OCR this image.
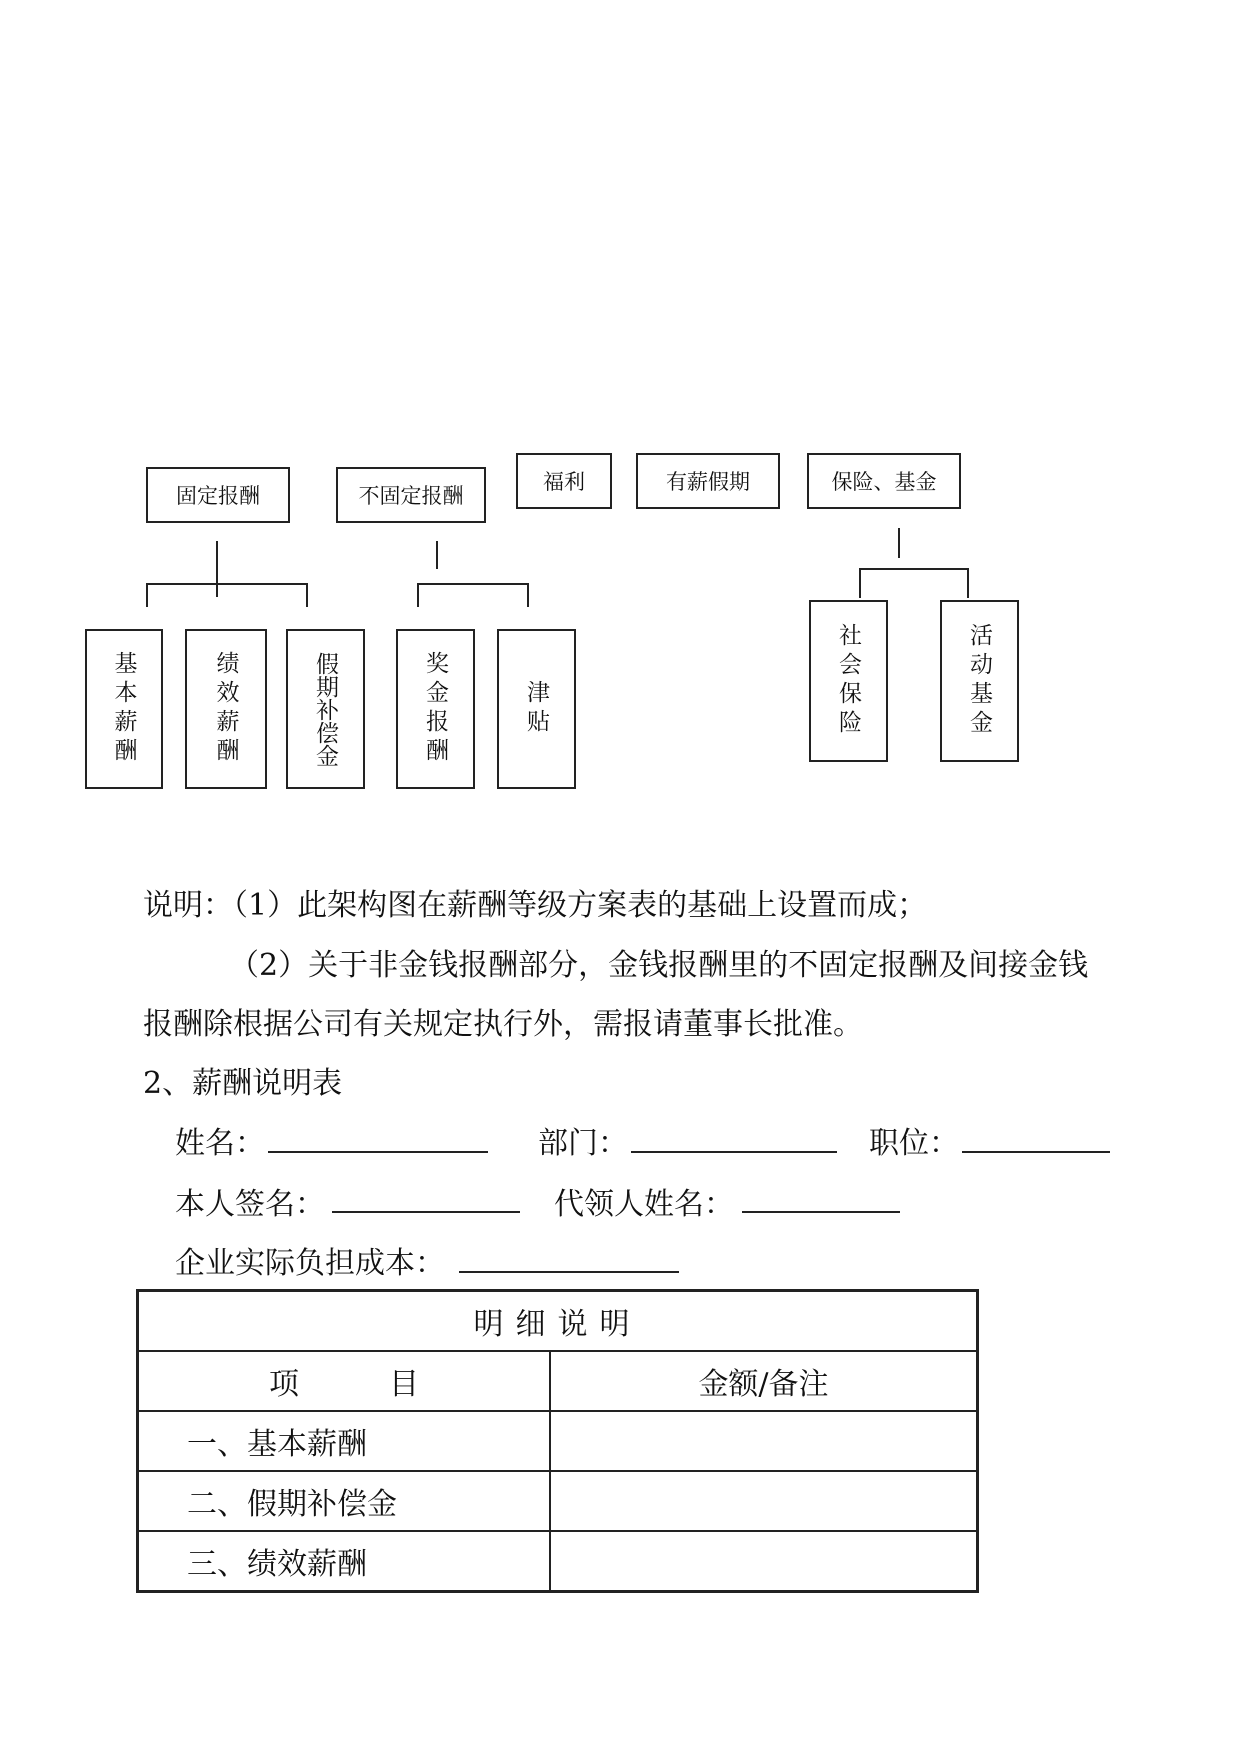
固定报酬	不固定报酬
福利	有薪假期	保险、基金
基本薪酬	绩效薪酬	假期补偿金	奖金报酬	津贴	社会保险	活动基金
说明：（1）此架构图在薪酬等级方案表的基础上设置而成；
（2）关于非金钱报酬部分，金钱报酬里的不固定报酬及间接金钱
报酬除根据公司有关规定执行外，需报请董事长批准。
2、薪酬说明表
姓名：	部门：	职位：
本人签名：	代领人姓名：
企业实际负担成本：
明细说明	
项　　　目	金额/备注
一、基本薪酬	
二、假期补偿金	
三、绩效薪酬	
